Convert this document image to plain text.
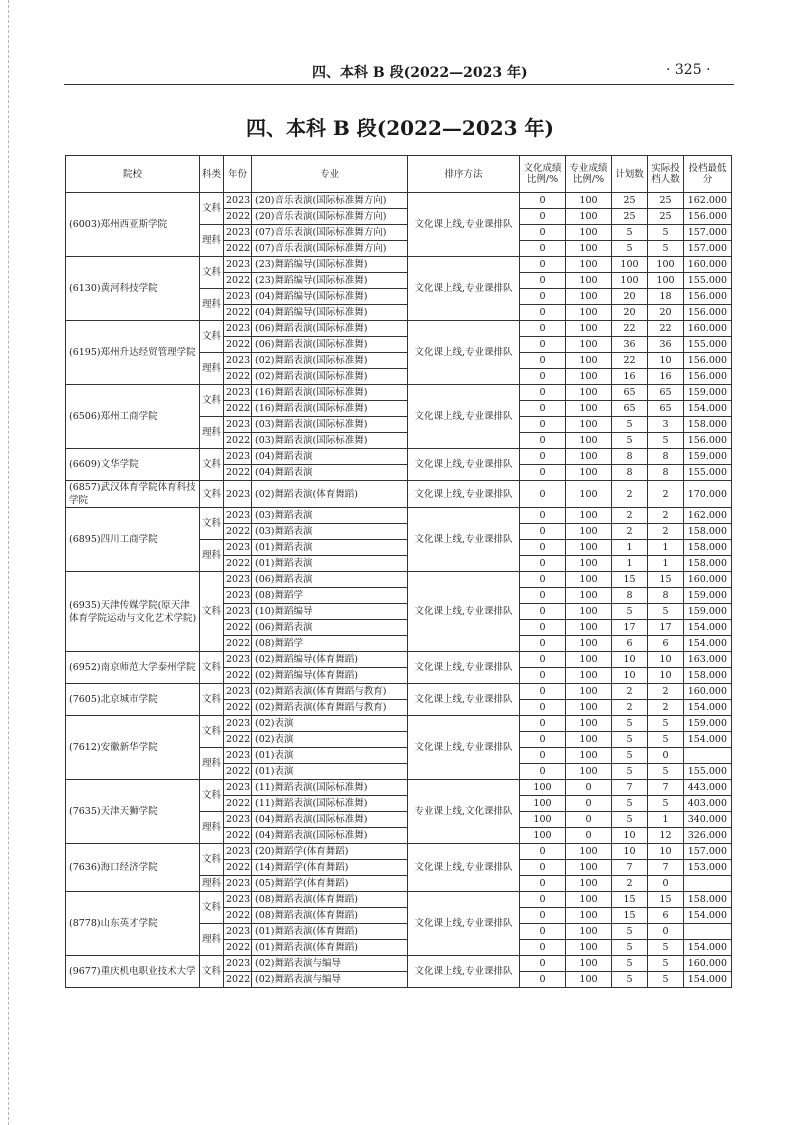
四、本科 B 段(2022—2023 年)	· 325 ·
四、本科 B 段(2022—2023 年)
院校	科类	年份	专业	排序方法	文化成绩比例/%	专业成绩比例/%	计划数	实际投档人数	投档最低分
(6003)郑州西亚斯学院	文科	2023	(20)音乐表演(国际标准舞方向)	文化课上线,专业课排队	0	100	25	25	162.000
		2022	(20)音乐表演(国际标准舞方向)		0	100	25	25	156.000
	理科	2023	(07)音乐表演(国际标准舞方向)		0	100	5	5	157.000
		2022	(07)音乐表演(国际标准舞方向)		0	100	5	5	157.000
(6130)黄河科技学院	文科	2023	(23)舞蹈编导(国际标准舞)	文化课上线,专业课排队	0	100	100	100	160.000
		2022	(23)舞蹈编导(国际标准舞)		0	100	100	100	155.000
	理科	2023	(04)舞蹈编导(国际标准舞)		0	100	20	18	156.000
		2022	(04)舞蹈编导(国际标准舞)		0	100	20	20	156.000
(6195)郑州升达经贸管理学院	文科	2023	(06)舞蹈表演(国际标准舞)	文化课上线,专业课排队	0	100	22	22	160.000
		2022	(06)舞蹈表演(国际标准舞)		0	100	36	36	155.000
	理科	2023	(02)舞蹈表演(国际标准舞)		0	100	22	10	156.000
		2022	(02)舞蹈表演(国际标准舞)		0	100	16	16	156.000
(6506)郑州工商学院	文科	2023	(16)舞蹈表演(国际标准舞)	文化课上线,专业课排队	0	100	65	65	159.000
		2022	(16)舞蹈表演(国际标准舞)		0	100	65	65	154.000
	理科	2023	(03)舞蹈表演(国际标准舞)		0	100	5	3	158.000
		2022	(03)舞蹈表演(国际标准舞)		0	100	5	5	156.000
(6609)文华学院	文科	2023	(04)舞蹈表演	文化课上线,专业课排队	0	100	8	8	159.000
		2022	(04)舞蹈表演		0	100	8	8	155.000
(6857)武汉体育学院体育科技学院	文科	2023	(02)舞蹈表演(体育舞蹈)	文化课上线,专业课排队	0	100	2	2	170.000
(6895)四川工商学院	文科	2023	(03)舞蹈表演	文化课上线,专业课排队	0	100	2	2	162.000
		2022	(03)舞蹈表演		0	100	2	2	158.000
	理科	2023	(01)舞蹈表演		0	100	1	1	158.000
		2022	(01)舞蹈表演		0	100	1	1	158.000
(6935)天津传媒学院(原天津体育学院运动与文化艺术学院)	文科	2023	(06)舞蹈表演	文化课上线,专业课排队	0	100	15	15	160.000
		2023	(08)舞蹈学		0	100	8	8	159.000
		2023	(10)舞蹈编导		0	100	5	5	159.000
		2022	(06)舞蹈表演		0	100	17	17	154.000
		2022	(08)舞蹈学		0	100	6	6	154.000
(6952)南京师范大学泰州学院	文科	2023	(02)舞蹈编导(体育舞蹈)	文化课上线,专业课排队	0	100	10	10	163.000
		2022	(02)舞蹈编导(体育舞蹈)		0	100	10	10	158.000
(7605)北京城市学院	文科	2023	(02)舞蹈表演(体育舞蹈与教育)	文化课上线,专业课排队	0	100	2	2	160.000
		2022	(02)舞蹈表演(体育舞蹈与教育)		0	100	2	2	154.000
(7612)安徽新华学院	文科	2023	(02)表演	文化课上线,专业课排队	0	100	5	5	159.000
		2022	(02)表演		0	100	5	5	154.000
	理科	2023	(01)表演		0	100	5	0	
		2022	(01)表演		0	100	5	5	155.000
(7635)天津天狮学院	文科	2023	(11)舞蹈表演(国际标准舞)	专业课上线,文化课排队	100	0	7	7	443.000
		2022	(11)舞蹈表演(国际标准舞)		100	0	5	5	403.000
	理科	2023	(04)舞蹈表演(国际标准舞)		100	0	5	1	340.000
		2022	(04)舞蹈表演(国际标准舞)		100	0	10	12	326.000
(7636)海口经济学院	文科	2023	(20)舞蹈学(体育舞蹈)	文化课上线,专业课排队	0	100	10	10	157.000
		2022	(14)舞蹈学(体育舞蹈)		0	100	7	7	153.000
	理科	2023	(05)舞蹈学(体育舞蹈)		0	100	2	0	
(8778)山东英才学院	文科	2023	(08)舞蹈表演(体育舞蹈)	文化课上线,专业课排队	0	100	15	15	158.000
		2022	(08)舞蹈表演(体育舞蹈)		0	100	15	6	154.000
	理科	2023	(01)舞蹈表演(体育舞蹈)		0	100	5	0	
		2022	(01)舞蹈表演(体育舞蹈)		0	100	5	5	154.000
(9677)重庆机电职业技术大学	文科	2023	(02)舞蹈表演与编导	文化课上线,专业课排队	0	100	5	5	160.000
		2022	(02)舞蹈表演与编导		0	100	5	5	154.000
